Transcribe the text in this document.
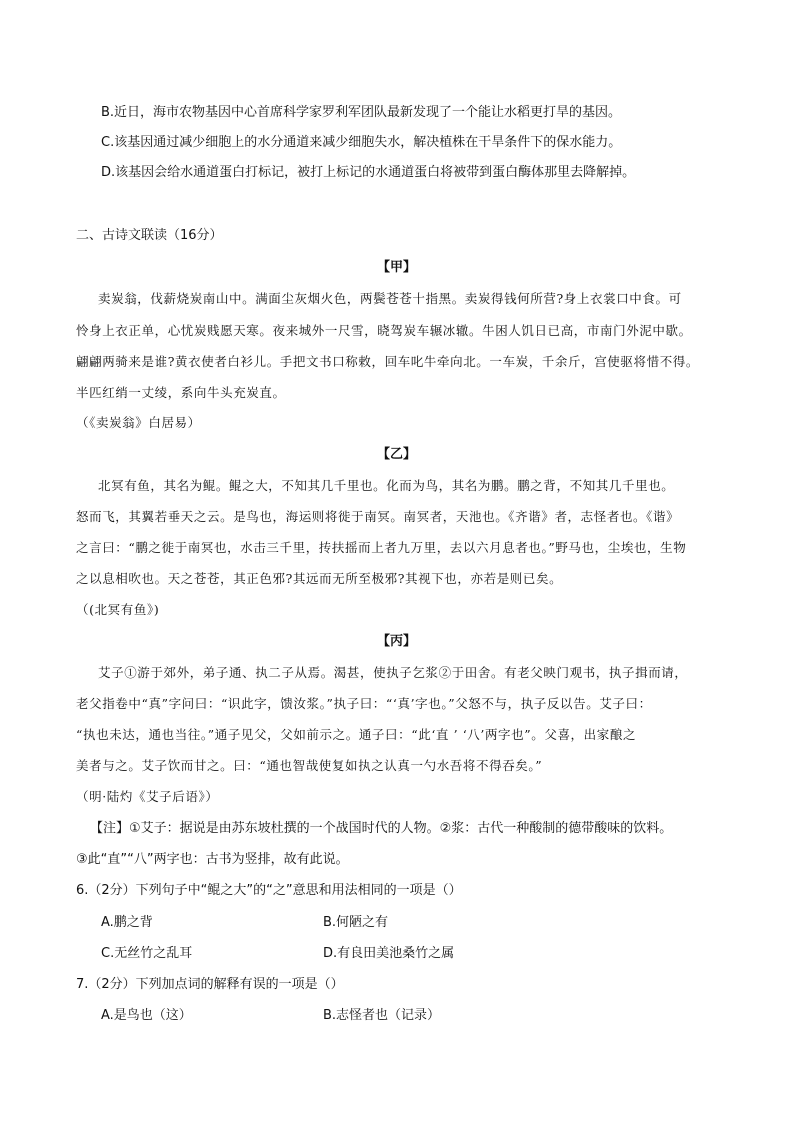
B.近日，海市农物基因中心首席科学家罗利军团队最新发现了一个能让水稻更打旱的基因。
C.该基因通过减少细胞上的水分通道来减少细胞失水，解决植株在干旱条件下的保水能力。
D.该基因会给水通道蛋白打标记，被打上标记的水通道蛋白将被带到蛋白酶体那里去降解掉。
二、古诗文联读（16分）
【甲】
卖炭翁，伐薪烧炭南山中。满面尘灰烟火色，两鬓苍苍十指黑。卖炭得钱何所营?身上衣裳口中食。可
怜身上衣正单，心忧炭贱愿天寒。夜来城外一尺雪，晓驾炭车辗冰辙。牛困人饥日已高，市南门外泥中歇。
翩翩两骑来是谁?黄衣使者白衫儿。手把文书口称敕，回车叱牛牵向北。一车炭，千余斤，宫使驱将惜不得。
半匹红绡一丈绫，系向牛头充炭直。
（《卖炭翁》白居易）
【乙】
北冥有鱼，其名为鲲。鲲之大，不知其几千里也。化而为鸟，其名为鹏。鹏之背，不知其几千里也。
怒而飞，其翼若垂天之云。是鸟也，海运则将徙于南冥。南冥者，天池也。《齐谐》者，志怪者也。《谐》
之言曰：“鹏之徙于南冥也，水击三千里，抟扶摇而上者九万里，去以六月息者也。”野马也，尘埃也，生物
之以息相吹也。天之苍苍，其正色邪?其远而无所至极邪?其视下也，亦若是则已矣。
（(北冥有鱼》)
【丙】
艾子①游于郊外，弟子通、执二子从焉。渴甚，使执子乞浆②于田舍。有老父映门观书，执子揖而请，
老父指卷中“真”字问曰：“识此字，馈汝浆。”执子曰：“‘真’字也。”父怒不与，执子反以告。艾子曰：
“执也未达，通也当往。”通子见父，父如前示之。通子曰：“此‘直 ’ ‘八’两字也”。父喜，出家酿之
美者与之。艾子饮而甘之。曰：“通也智哉使复如执之认真一勺水吾将不得吞矣。”
（明·陆灼《艾子后语》）
【注】①艾子：据说是由苏东坡杜撰的一个战国时代的人物。②浆：古代一种酸制的德带酸味的饮料。
③此“直”“八”两字也：古书为竖排，故有此说。
6.（2分）下列句子中“鲲之大”的“之”意思和用法相同的一项是（）
A.鹏之背	B.何陋之有
C.无丝竹之乱耳	D.有良田美池桑竹之属
7.（2分）下列加点词的解释有误的一项是（）
A.是鸟也（这）	B.志怪者也（记录）
